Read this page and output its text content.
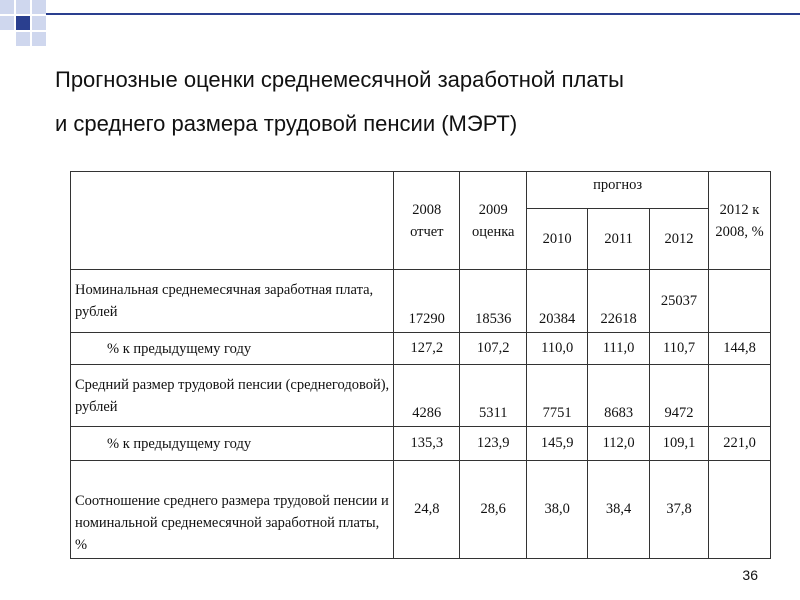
Прогнозные оценки среднемесячной заработной платы
и среднего размера трудовой пенсии (МЭРТ)
	2008 отчет	2009 оценка	прогноз			2012 к 2008, %
			2010	2011	2012	
Номинальная среднемесячная заработная плата, рублей	17290	18536	20384	22618	25037	
% к предыдущему году	127,2	107,2	110,0	111,0	110,7	144,8
Средний размер трудовой пенсии (среднегодовой), рублей	4286	5311	7751	8683	9472	
% к предыдущему году	135,3	123,9	145,9	112,0	109,1	221,0
Соотношение среднего размера трудовой пенсии и номинальной среднемесячной заработной платы, %	24,8	28,6	38,0	38,4	37,8	
36
